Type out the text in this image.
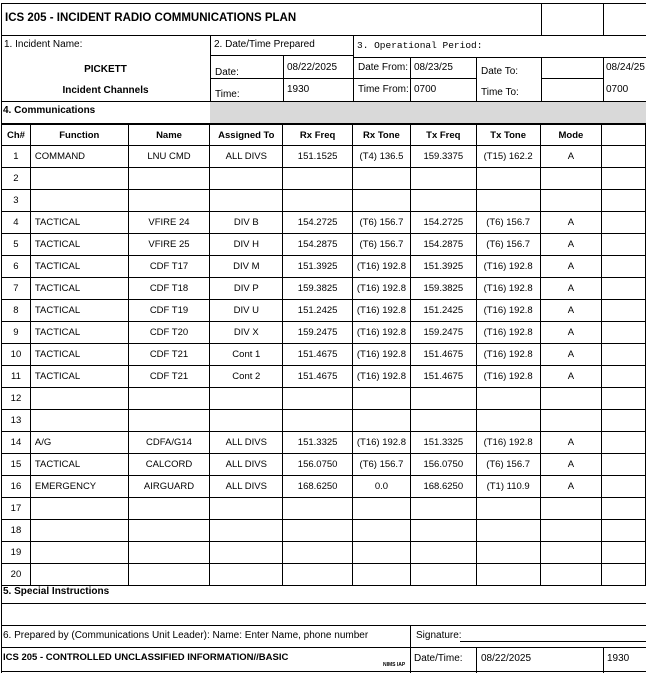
ICS 205 - INCIDENT RADIO COMMUNICATIONS PLAN
1. Incident Name:
PICKETT
Incident Channels
2. Date/Time Prepared
Date:	08/22/2025
Time:	1930
3. Operational Period:
Date From: 08/23/25	Date To:	08/24/25
Time From: 0700	Time To:	0700
4. Communications
Ch#	Function	Name	Assigned To	Rx Freq	Rx Tone	Tx Freq	Tx Tone	Mode	
1	COMMAND	LNU CMD	ALL DIVS	151.1525	(T4) 136.5	159.3375	(T15) 162.2	A	
2									
3									
4	TACTICAL	VFIRE 24	DIV B	154.2725	(T6) 156.7	154.2725	(T6) 156.7	A	
5	TACTICAL	VFIRE 25	DIV H	154.2875	(T6) 156.7	154.2875	(T6) 156.7	A	
6	TACTICAL	CDF T17	DIV M	151.3925	(T16) 192.8	151.3925	(T16) 192.8	A	
7	TACTICAL	CDF T18	DIV P	159.3825	(T16) 192.8	159.3825	(T16) 192.8	A	
8	TACTICAL	CDF T19	DIV U	151.2425	(T16) 192.8	151.2425	(T16) 192.8	A	
9	TACTICAL	CDF T20	DIV X	159.2475	(T16) 192.8	159.2475	(T16) 192.8	A	
10	TACTICAL	CDF T21	Cont 1	151.4675	(T16) 192.8	151.4675	(T16) 192.8	A	
11	TACTICAL	CDF T21	Cont 2	151.4675	(T16) 192.8	151.4675	(T16) 192.8	A	
12									
13									
14	A/G	CDFA/G14	ALL DIVS	151.3325	(T16) 192.8	151.3325	(T16) 192.8	A	
15	TACTICAL	CALCORD	ALL DIVS	156.0750	(T6) 156.7	156.0750	(T6) 156.7	A	
16	EMERGENCY	AIRGUARD	ALL DIVS	168.6250	0.0	168.6250	(T1) 110.9	A	
17									
18									
19									
20									
5. Special Instructions
6. Prepared by (Communications Unit Leader): Name: Enter Name, phone number	Signature:
ICS 205 - CONTROLLED UNCLASSIFIED INFORMATION//BASIC
NIMS IAP
Date/Time: 08/22/2025	1930
